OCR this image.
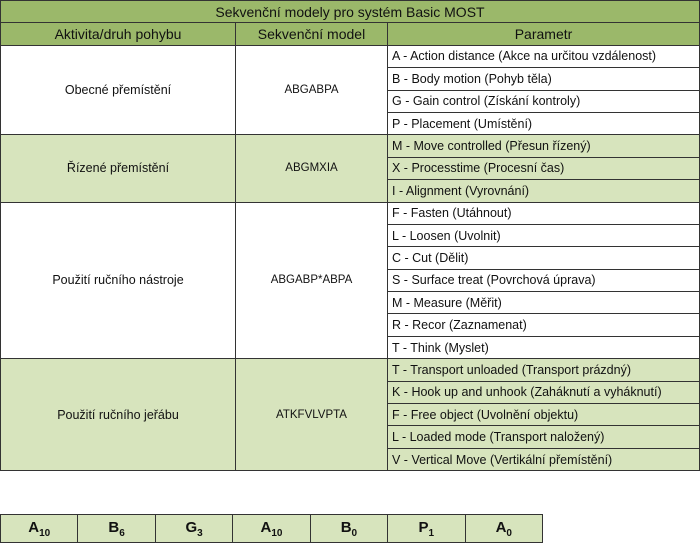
Sekvenční modely pro systém Basic MOST		
Aktivita/druh pohybu	Sekvenční model	Parametr
Obecné přemístění	ABGABPA	A - Action distance (Akce na určitou vzdálenost)
		B - Body motion (Pohyb těla)
		G - Gain control (Získání kontroly)
		P - Placement (Umístění)
Řízené přemístění	ABGMXIA	M - Move controlled (Přesun řízený)
		X - Processtime (Procesní čas)
		I - Alignment (Vyrovnání)
Použití ručního nástroje	ABGABP*ABPA	F - Fasten (Utáhnout)
		L - Loosen (Uvolnit)
		C - Cut (Dělit)
		S - Surface treat (Povrchová úprava)
		M - Measure (Měřit)
		R - Recor (Zaznamenat)
		T - Think (Myslet)
Použití ručního jeřábu	ATKFVLVPTA	T - Transport unloaded (Transport prázdný)
		K - Hook up and unhook (Zaháknutí a vyháknutí)
		F - Free object (Uvolnění objektu)
		L - Loaded mode (Transport naložený)
		V - Vertical Move (Vertikální přemístění)
$A_{10}$	$B_6$	$G_3$	$A_{10}$	$B_0$	$P_1$	$A_0$
